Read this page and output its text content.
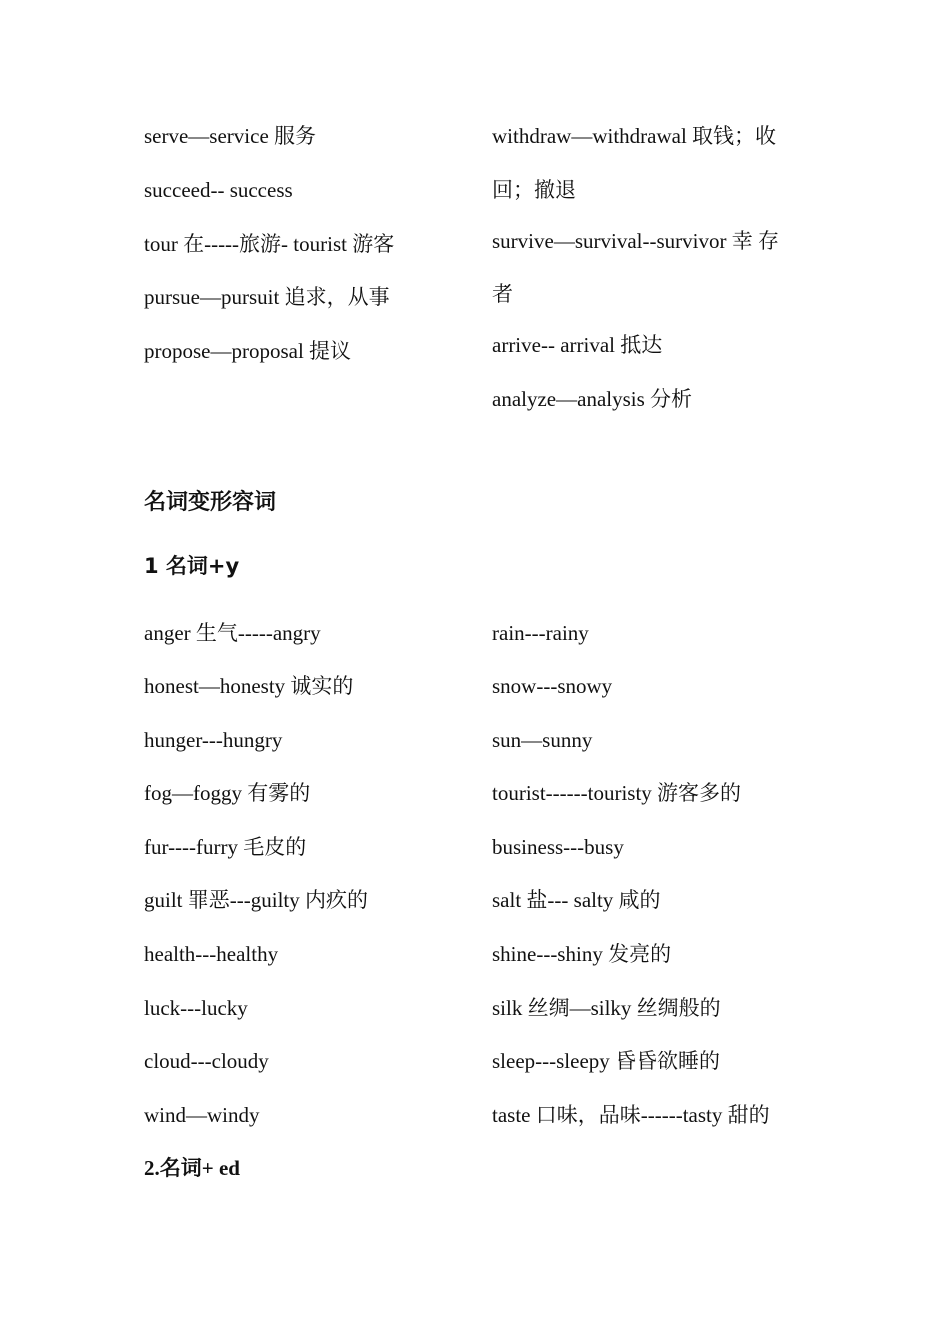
serve—service 服务
succeed-- success
tour 在-----旅游- tourist 游客
pursue—pursuit 追求，从事
propose—proposal 提议
withdraw—withdrawal 取钱；收
回；撤退
survive—survival--survivor 幸 存
者
arrive-- arrival 抵达
analyze—analysis 分析
名词变形容词
1 名词+y
anger 生气-----angry
honest—honesty 诚实的
hunger---hungry
fog—foggy 有雾的
fur----furry 毛皮的
guilt 罪恶---guilty 内疚的
health---healthy
luck---lucky
cloud---cloudy
wind—windy
rain---rainy
snow---snowy
sun—sunny
tourist------touristy 游客多的
business---busy
salt 盐--- salty 咸的
shine---shiny 发亮的
silk 丝绸—silky 丝绸般的
sleep---sleepy 昏昏欲睡的
taste 口味，品味------tasty 甜的
2.名词+ ed
